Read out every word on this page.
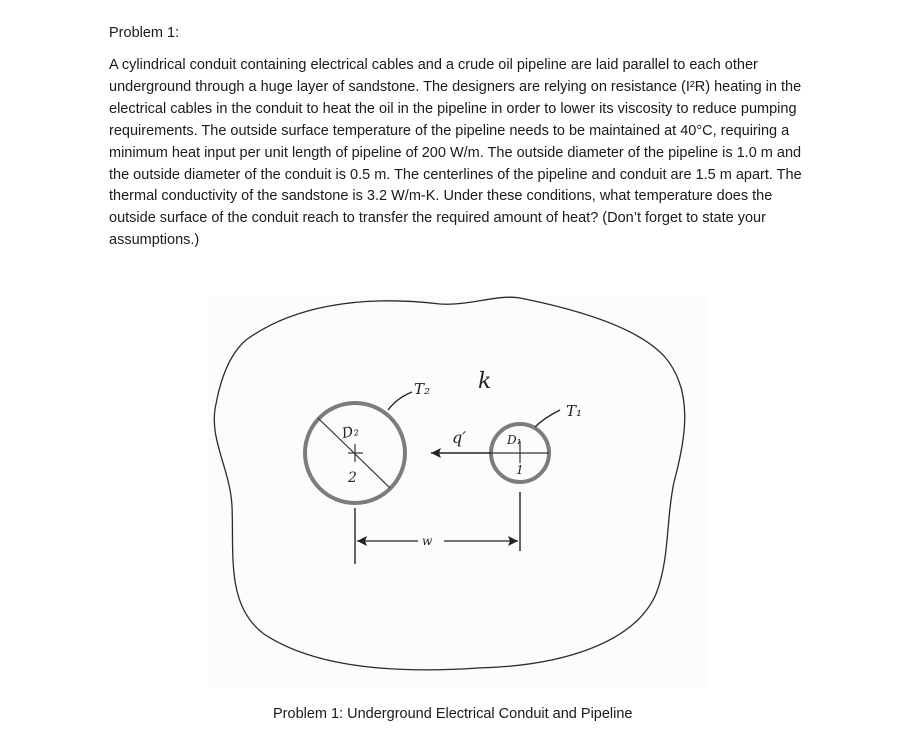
Problem 1:

A cylindrical conduit containing electrical cables and a crude oil pipeline are laid parallel to each other underground through a huge layer of sandstone. The designers are relying on resistance (I²R) heating in the electrical cables in the conduit to heat the oil in the pipeline in order to lower its viscosity to reduce pumping requirements. The outside surface temperature of the pipeline needs to be maintained at 40°C, requiring a minimum heat input per unit length of pipeline of 200 W/m. The outside diameter of the pipeline is 1.0 m and the outside diameter of the conduit is 0.5 m. The centerlines of the pipeline and conduit are 1.5 m apart. The thermal conductivity of the sandstone is 3.2 W/m-K. Under these conditions, what temperature does the outside surface of the conduit reach to transfer the required amount of heat? (Don’t forget to state your assumptions.)

D₂
2
T₂ k
q′	D₁
1
T₁
w

Problem 1: Underground Electrical Conduit and Pipeline
